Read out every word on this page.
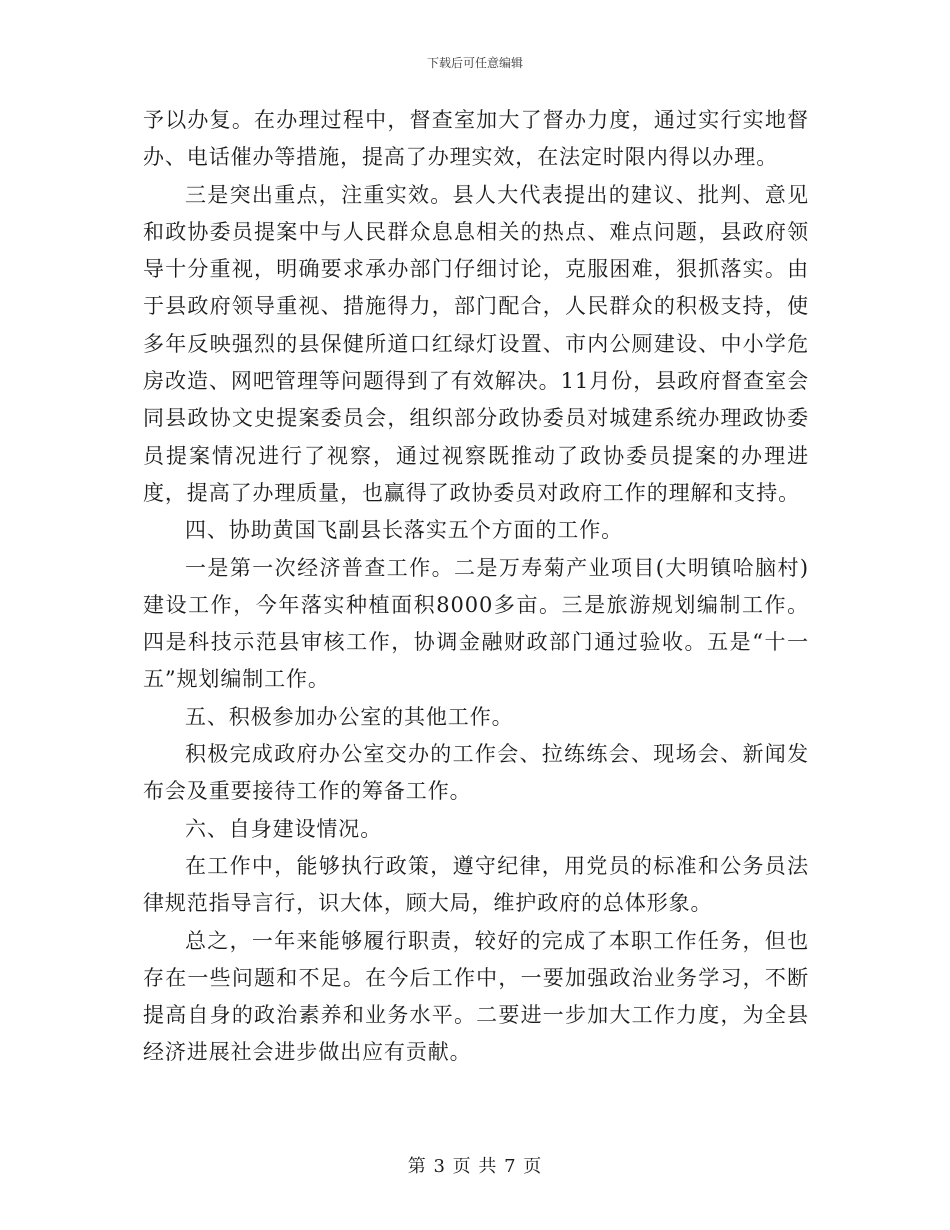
下载后可任意编辑

予以办复。在办理过程中，督查室加大了督办力度，通过实行实地督办、电话催办等措施，提高了办理实效，在法定时限内得以办理。

三是突出重点，注重实效。县人大代表提出的建议、批判、意见和政协委员提案中与人民群众息息相关的热点、难点问题，县政府领导十分重视，明确要求承办部门仔细讨论，克服困难，狠抓落实。由于县政府领导重视、措施得力，部门配合，人民群众的积极支持，使多年反映强烈的县保健所道口红绿灯设置、市内公厕建设、中小学危房改造、网吧管理等问题得到了有效解决。11月份，县政府督查室会同县政协文史提案委员会，组织部分政协委员对城建系统办理政协委员提案情况进行了视察，通过视察既推动了政协委员提案的办理进度，提高了办理质量，也赢得了政协委员对政府工作的理解和支持。

四、协助黄国飞副县长落实五个方面的工作。

一是第一次经济普查工作。二是万寿菊产业项目(大明镇哈脑村)建设工作，今年落实种植面积8000多亩。三是旅游规划编制工作。四是科技示范县审核工作，协调金融财政部门通过验收。五是“十一五”规划编制工作。

五、积极参加办公室的其他工作。

积极完成政府办公室交办的工作会、拉练练会、现场会、新闻发布会及重要接待工作的筹备工作。

六、自身建设情况。

在工作中，能够执行政策，遵守纪律，用党员的标准和公务员法律规范指导言行，识大体，顾大局，维护政府的总体形象。

总之，一年来能够履行职责，较好的完成了本职工作任务，但也存在一些问题和不足。在今后工作中，一要加强政治业务学习，不断提高自身的政治素养和业务水平。二要进一步加大工作力度，为全县经济进展社会进步做出应有贡献。

第 3 页 共 7 页
